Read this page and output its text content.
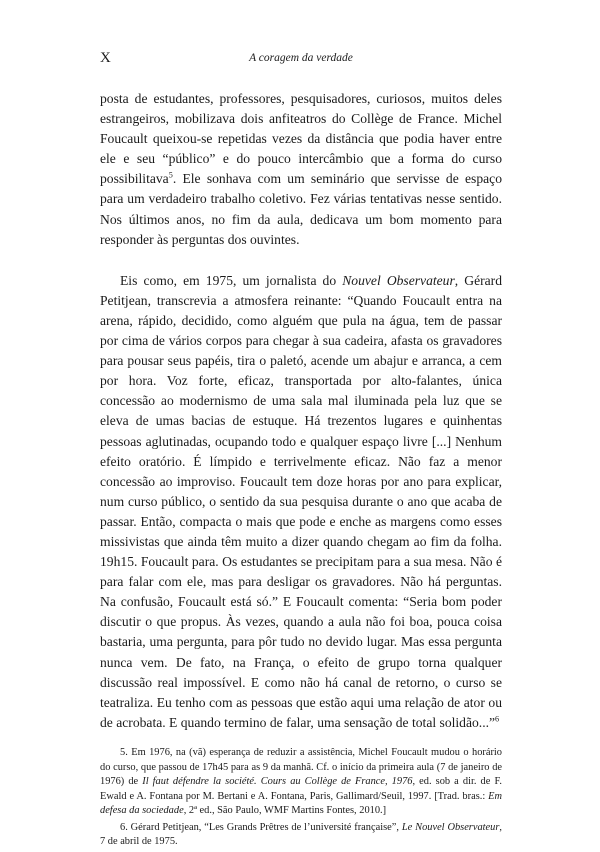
X	A coragem da verdade

posta de estudantes, professores, pesquisadores, curiosos, muitos deles estrangeiros, mobilizava dois anfiteatros do Collège de France. Michel Foucault queixou-se repetidas vezes da distância que podia haver entre ele e seu “público” e do pouco intercâmbio que a forma do curso possibilitava$^5$. Ele sonhava com um seminário que servisse de espaço para um verdadeiro trabalho coletivo. Fez várias tentativas nesse sentido. Nos últimos anos, no fim da aula, dedicava um bom momento para responder às perguntas dos ouvintes.

Eis como, em 1975, um jornalista do Nouvel Observateur, Gérard Petitjean, transcrevia a atmosfera reinante: “Quando Foucault entra na arena, rápido, decidido, como alguém que pula na água, tem de passar por cima de vários corpos para chegar à sua cadeira, afasta os gravadores para pousar seus papéis, tira o paletó, acende um abajur e arranca, a cem por hora. Voz forte, eficaz, transportada por alto-falantes, única concessão ao modernismo de uma sala mal iluminada pela luz que se eleva de umas bacias de estuque. Há trezentos lugares e quinhentas pessoas aglutinadas, ocupando todo e qualquer espaço livre [...] Nenhum efeito oratório. É límpido e terrivelmente eficaz. Não faz a menor concessão ao improviso. Foucault tem doze horas por ano para explicar, num curso público, o sentido da sua pesquisa durante o ano que acaba de passar. Então, compacta o mais que pode e enche as margens como esses missivistas que ainda têm muito a dizer quando chegam ao fim da folha. 19h15. Foucault para. Os estudantes se precipitam para a sua mesa. Não é para falar com ele, mas para desligar os gravadores. Não há perguntas. Na confusão, Foucault está só.” E Foucault comenta: “Seria bom poder discutir o que propus. Às vezes, quando a aula não foi boa, pouca coisa bastaria, uma pergunta, para pôr tudo no devido lugar. Mas essa pergunta nunca vem. De fato, na França, o efeito de grupo torna qualquer discussão real impossível. E como não há canal de retorno, o curso se teatraliza. Eu tenho com as pessoas que estão aqui uma relação de ator ou de acrobata. E quando termino de falar, uma sensação de total solidão...”$^6$

5. Em 1976, na (vã) esperança de reduzir a assistência, Michel Foucault mudou o horário do curso, que passou de 17h45 para as 9 da manhã. Cf. o início da primeira aula (7 de janeiro de 1976) de Il faut défendre la société. Cours au Collège de France, 1976, ed. sob a dir. de F. Ewald e A. Fontana por M. Bertani e A. Fontana, Paris, Gallimard/Seuil, 1997. [Trad. bras.: Em defesa da sociedade, 2ª ed., São Paulo, WMF Martins Fontes, 2010.]

6. Gérard Petitjean, “Les Grands Prêtres de l’université française”, Le Nouvel Observateur, 7 de abril de 1975.
